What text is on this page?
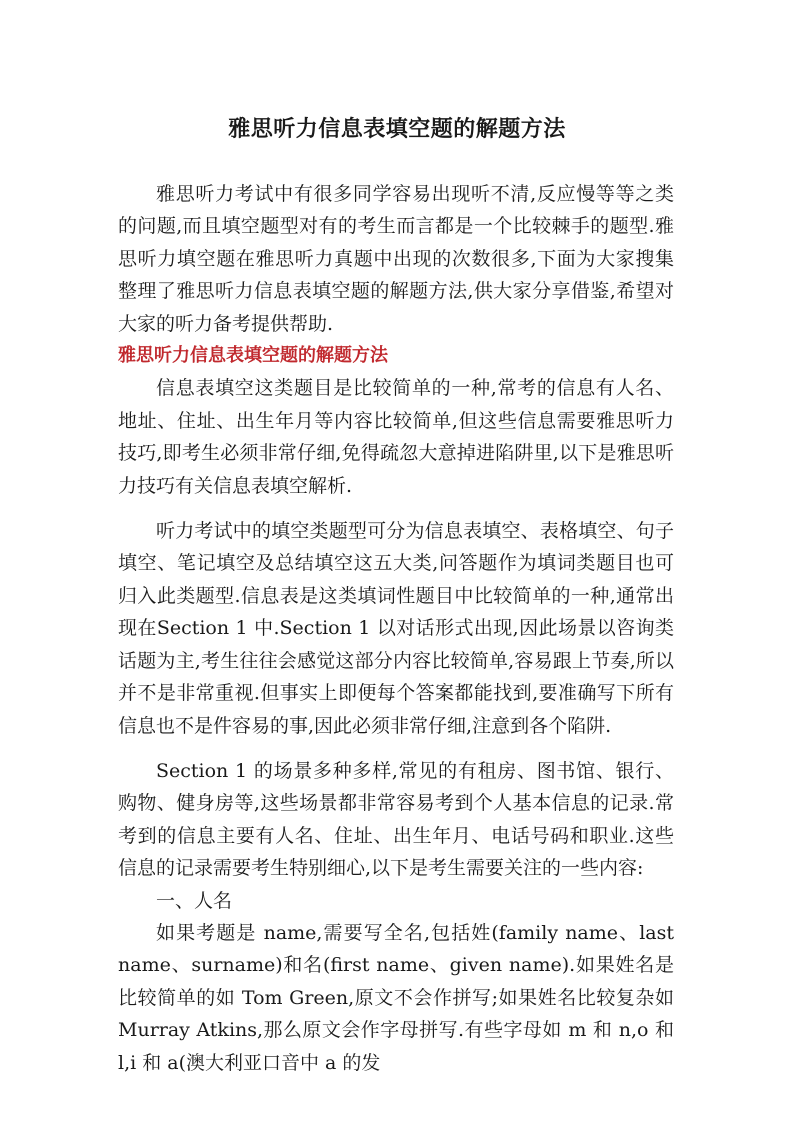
雅思听力信息表填空题的解题方法

雅思听力考试中有很多同学容易出现听不清,反应慢等等之类的问题,而且填空题型对有的考生而言都是一个比较棘手的题型.雅思听力填空题在雅思听力真题中出现的次数很多,下面为大家搜集整理了雅思听力信息表填空题的解题方法,供大家分享借鉴,希望对大家的听力备考提供帮助.

雅思听力信息表填空题的解题方法

信息表填空这类题目是比较简单的一种,常考的信息有人名、地址、住址、出生年月等内容比较简单,但这些信息需要雅思听力技巧,即考生必须非常仔细,免得疏忽大意掉进陷阱里,以下是雅思听力技巧有关信息表填空解析.

听力考试中的填空类题型可分为信息表填空、表格填空、句子填空、笔记填空及总结填空这五大类,问答题作为填词类题目也可归入此类题型.信息表是这类填词性题目中比较简单的一种,通常出现在Section 1 中.Section 1 以对话形式出现,因此场景以咨询类话题为主,考生往往会感觉这部分内容比较简单,容易跟上节奏,所以并不是非常重视.但事实上即便每个答案都能找到,要准确写下所有信息也不是件容易的事,因此必须非常仔细,注意到各个陷阱.

Section 1 的场景多种多样,常见的有租房、图书馆、银行、购物、健身房等,这些场景都非常容易考到个人基本信息的记录.常考到的信息主要有人名、住址、出生年月、电话号码和职业.这些信息的记录需要考生特别细心,以下是考生需要关注的一些内容:

一、人名

如果考题是 name,需要写全名,包括姓(family name、last name、surname)和名(first name、given name).如果姓名是比较简单的如 Tom Green,原文不会作拼写;如果姓名比较复杂如 Murray Atkins,那么原文会作字母拼写.有些字母如 m 和 n,o 和 l,i 和 a(澳大利亚口音中 a 的发
